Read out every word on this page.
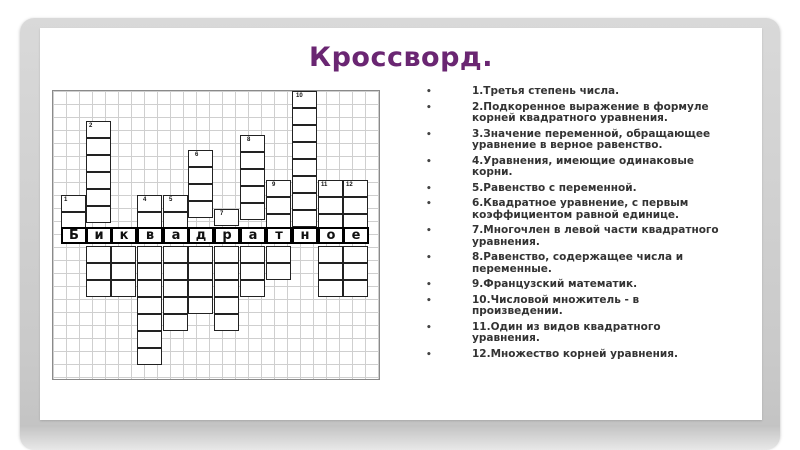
Кроссворд.
1
2
10
11	12
4	5
6
7
8
9
Б	и	к	в	а	д	р	а	т	н	о	е
•	1.Третья степень числа.
•	2.Подкоренное выражение в формуле корней квадратного уравнения.
•	3.Значение переменной, обращающее уравнение в верное равенство.
•	4.Уравнения, имеющие одинаковые корни.
•	5.Равенство с переменной.
•	6.Квадратное уравнение, с первым коэффициентом равной единице.
•	7.Многочлен в левой части квадратного уравнения.
•	8.Равенство, содержащее числа и переменные.
•	9.Французский математик.
•	10.Числовой множитель - в произведении.
•	11.Один из видов квадратного уравнения.
•	12.Множество корней уравнения.
